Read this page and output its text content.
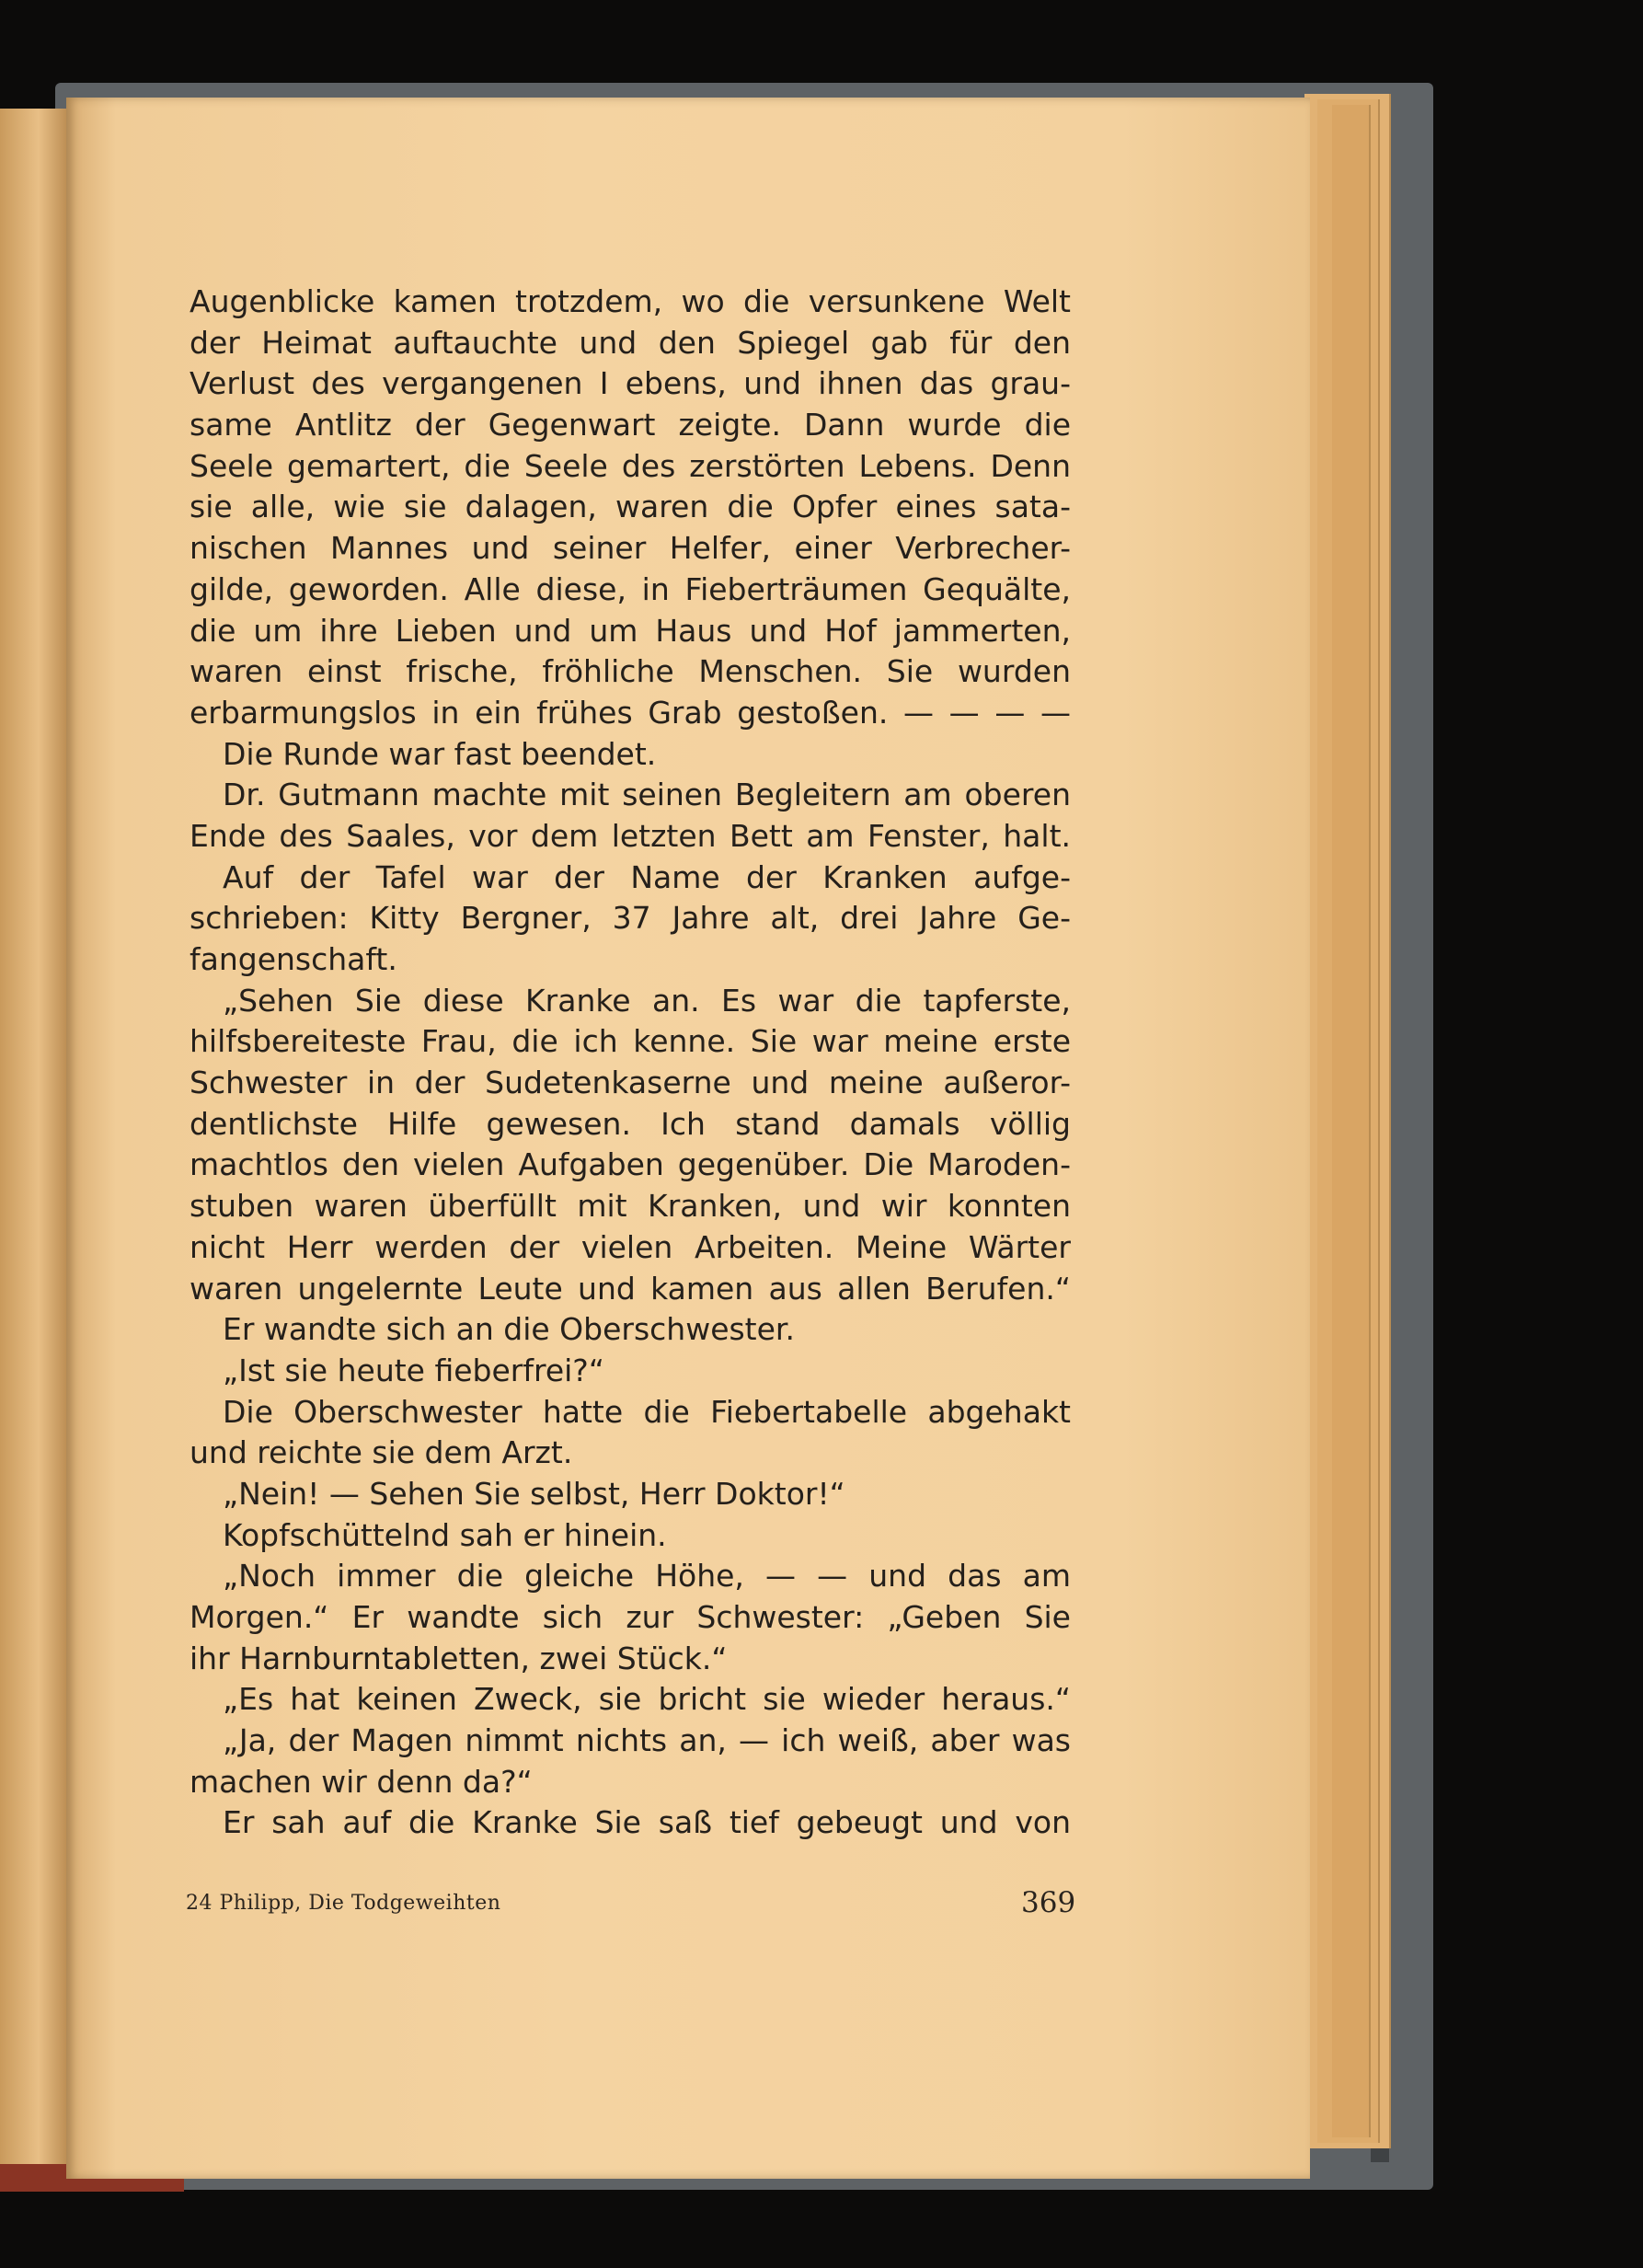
Augenblicke kamen trotzdem, wo die versunkene Welt
der Heimat auftauchte und den Spiegel gab für den
Verlust des vergangenen I ebens, und ihnen das grau-
same Antlitz der Gegenwart zeigte. Dann wurde die
Seele gemartert, die Seele des zerstörten Lebens. Denn
sie alle, wie sie dalagen, waren die Opfer eines sata-
nischen Mannes und seiner Helfer, einer Verbrecher-
gilde, geworden. Alle diese, in Fieberträumen Gequälte,
die um ihre Lieben und um Haus und Hof jammerten,
waren einst frische, fröhliche Menschen. Sie wurden
erbarmungslos in ein frühes Grab gestoßen. — — — —
Die Runde war fast beendet.
Dr. Gutmann machte mit seinen Begleitern am oberen
Ende des Saales, vor dem letzten Bett am Fenster, halt.
Auf der Tafel war der Name der Kranken aufge-
schrieben: Kitty Bergner, 37 Jahre alt, drei Jahre Ge-
fangenschaft.
„Sehen Sie diese Kranke an. Es war die tapferste,
hilfsbereiteste Frau, die ich kenne. Sie war meine erste
Schwester in der Sudetenkaserne und meine außeror-
dentlichste Hilfe gewesen. Ich stand damals völlig
machtlos den vielen Aufgaben gegenüber. Die Maroden-
stuben waren überfüllt mit Kranken, und wir konnten
nicht Herr werden der vielen Arbeiten. Meine Wärter
waren ungelernte Leute und kamen aus allen Berufen.“
Er wandte sich an die Oberschwester.
„Ist sie heute fieberfrei?“
Die Oberschwester hatte die Fiebertabelle abgehakt
und reichte sie dem Arzt.
„Nein! — Sehen Sie selbst, Herr Doktor!“
Kopfschüttelnd sah er hinein.
„Noch immer die gleiche Höhe, — — und das am
Morgen.“ Er wandte sich zur Schwester: „Geben Sie
ihr Harnburntabletten, zwei Stück.“
„Es hat keinen Zweck, sie bricht sie wieder heraus.“
„Ja, der Magen nimmt nichts an, — ich weiß, aber was
machen wir denn da?“
Er sah auf die Kranke Sie saß tief gebeugt und von
24 Philipp, Die Todgeweihten	369
